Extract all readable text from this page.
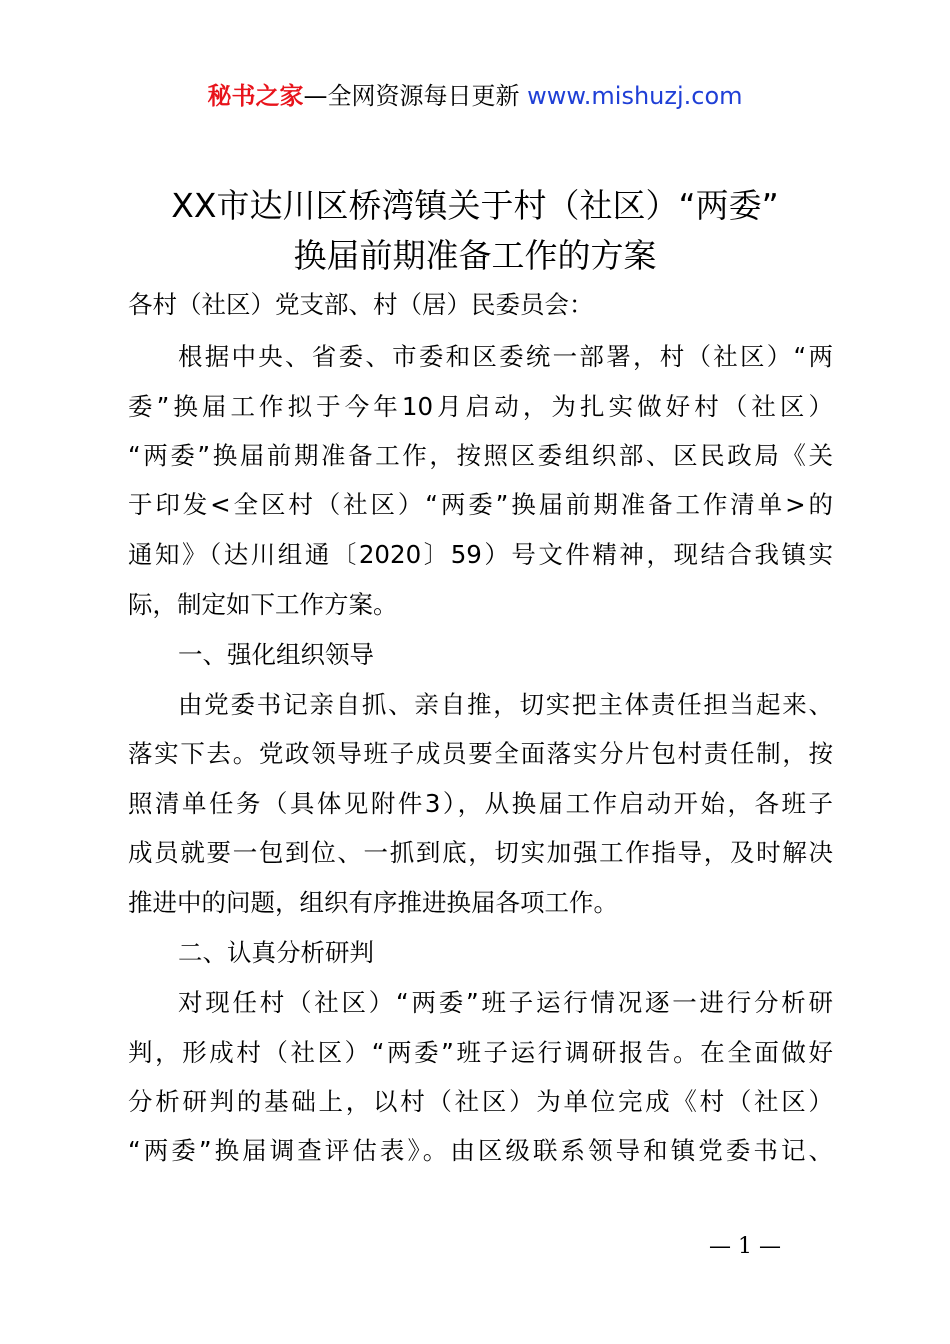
秘书之家—全网资源每日更新 www.mishuzj.com
XX市达川区桥湾镇关于村（社区）“两委”
换届前期准备工作的方案
各村（社区）党支部、村（居）民委员会：
根据中央、省委、市委和区委统一部署，村（社区）“两
委”换届工作拟于今年10月启动，为扎实做好村（社区）
“两委”换届前期准备工作，按照区委组织部、区民政局《关
于印发<全区村（社区）“两委”换届前期准备工作清单>的
通知》（达川组通〔2020〕59）号文件精神，现结合我镇实
际，制定如下工作方案。
一、强化组织领导
由党委书记亲自抓、亲自推，切实把主体责任担当起来、
落实下去。党政领导班子成员要全面落实分片包村责任制，按
照清单任务（具体见附件3），从换届工作启动开始，各班子
成员就要一包到位、一抓到底，切实加强工作指导，及时解决
推进中的问题，组织有序推进换届各项工作。
二、认真分析研判
对现任村（社区）“两委”班子运行情况逐一进行分析研
判，形成村（社区）“两委”班子运行调研报告。在全面做好
分析研判的基础上，以村（社区）为单位完成《村（社区）
“两委”换届调查评估表》。由区级联系领导和镇党委书记、
— 1 —
